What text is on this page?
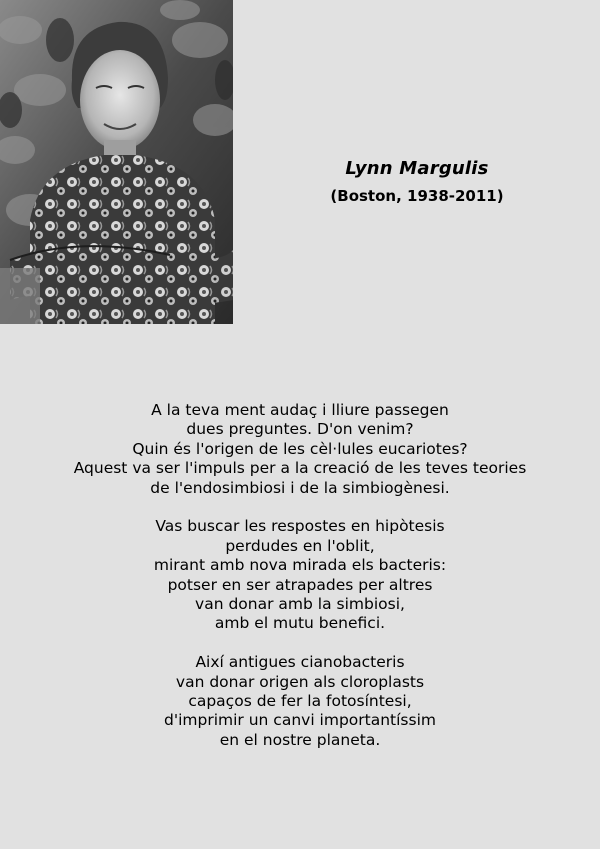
Lynn Margulis
(Boston, 1938-2011)
A la teva ment audaç i lliure passegen
dues preguntes. D'on venim?
Quin és l'origen de les cèl·lules eucariotes?
Aquest va ser l'impuls per a la creació de les teves teories
de l'endosimbiosi i de la simbiogènesi.
Vas buscar les respostes en hipòtesis
perdudes en l'oblit,
mirant amb nova mirada els bacteris:
potser en ser atrapades per altres
van donar amb la simbiosi,
amb el mutu benefici.
Així antigues cianobacteris
van donar origen als cloroplasts
capaços de fer la fotosíntesi,
d'imprimir un canvi importantíssim
en el nostre planeta.
